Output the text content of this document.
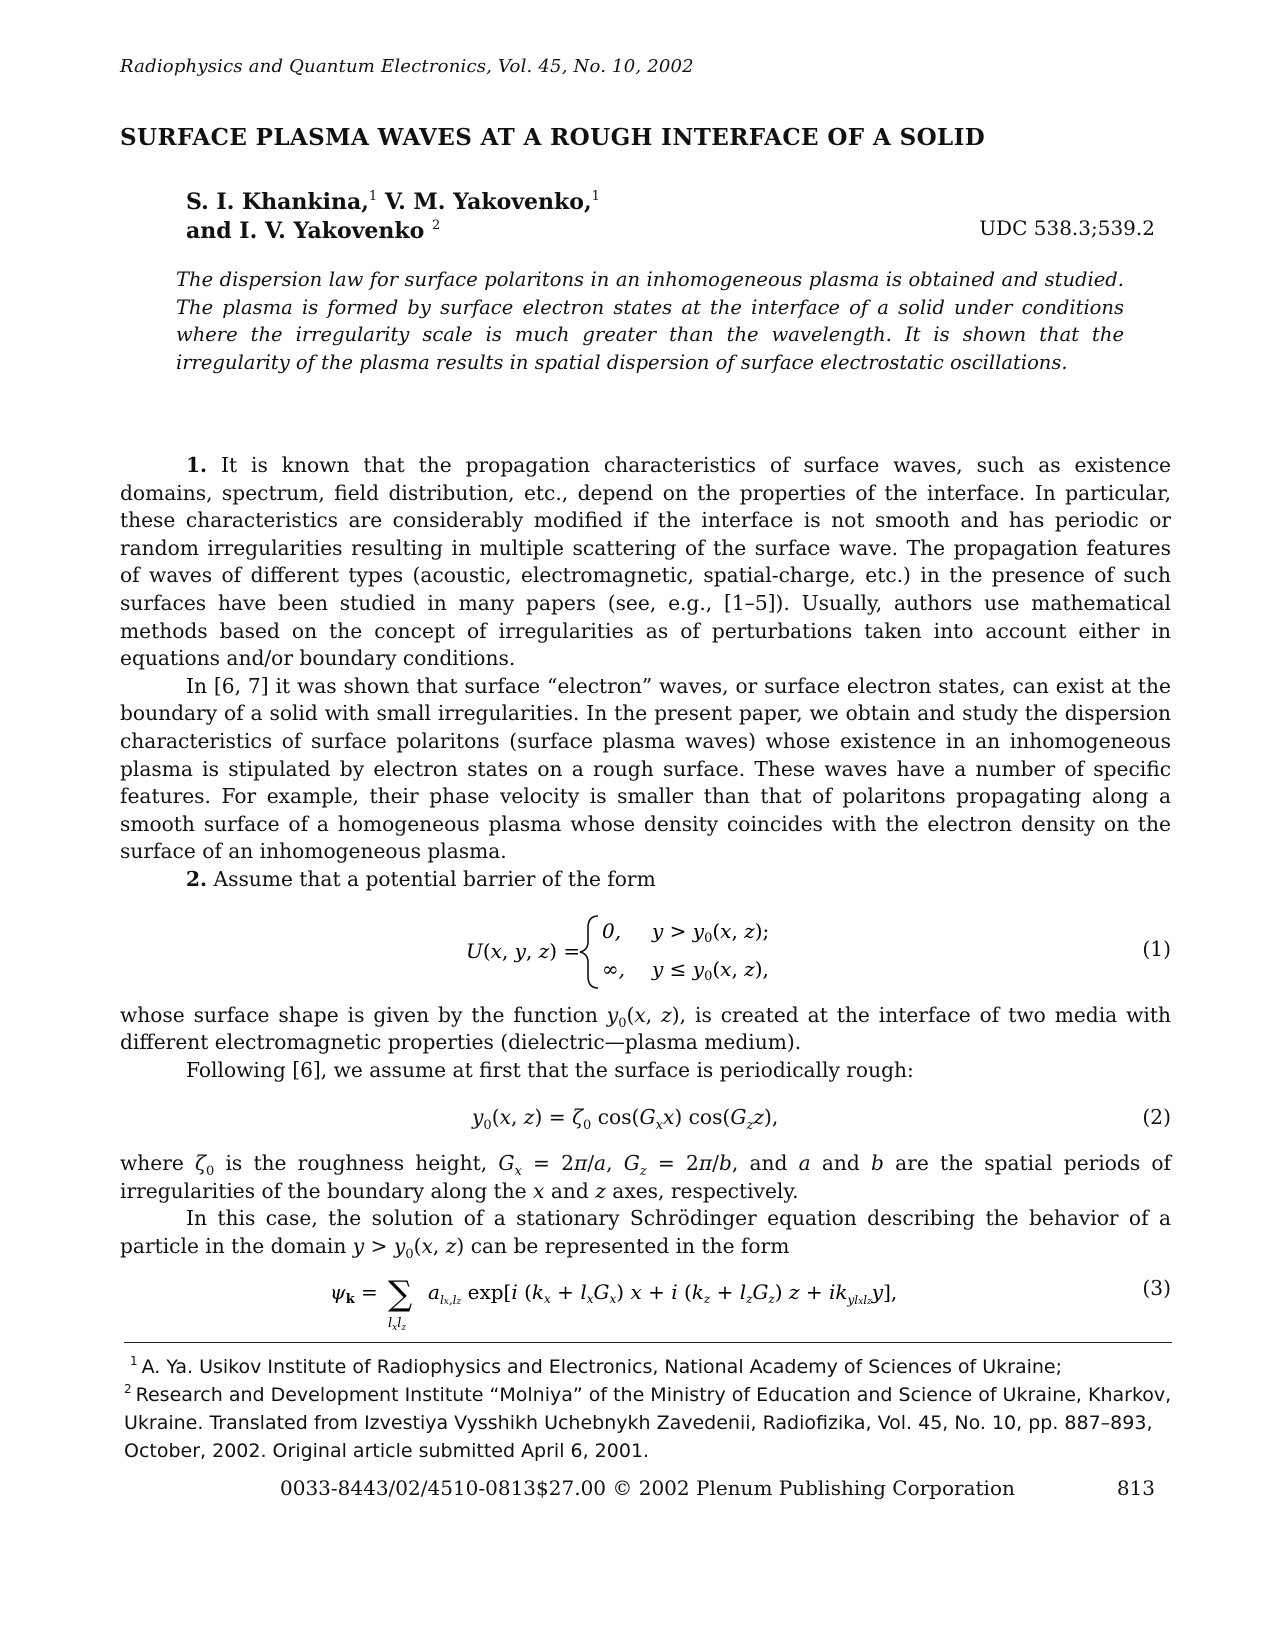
Radiophysics and Quantum Electronics, Vol. 45, No. 10, 2002
SURFACE PLASMA WAVES AT A ROUGH INTERFACE OF A SOLID
S. I. Khankina,$^1$ V. M. Yakovenko,$^1$
and I. V. Yakovenko $^2$	UDC 538.3;539.2
The dispersion law for surface polaritons in an inhomogeneous plasma is obtained and studied. The plasma is formed by surface electron states at the interface of a solid under conditions where the irregularity scale is much greater than the wavelength. It is shown that the irregularity of the plasma results in spatial dispersion of surface electrostatic oscillations.

1. It is known that the propagation characteristics of surface waves, such as existence domains, spectrum, field distribution, etc., depend on the properties of the interface. In particular, these characteristics are considerably modified if the interface is not smooth and has periodic or random irregularities resulting in multiple scattering of the surface wave. The propagation features of waves of different types (acoustic, electromagnetic, spatial-charge, etc.) in the presence of such surfaces have been studied in many papers (see, e.g., [1–5]). Usually, authors use mathematical methods based on the concept of irregularities as of perturbations taken into account either in equations and/or boundary conditions.

In [6, 7] it was shown that surface “electron” waves, or surface electron states, can exist at the boundary of a solid with small irregularities. In the present paper, we obtain and study the dispersion characteristics of surface polaritons (surface plasma waves) whose existence in an inhomogeneous plasma is stipulated by electron states on a rough surface. These waves have a number of specific features. For example, their phase velocity is smaller than that of polaritons propagating along a smooth surface of a homogeneous plasma whose density coincides with the electron density on the surface of an inhomogeneous plasma.

2. Assume that a potential barrier of the form

U(x, y, z) =
0, $y > y_0(x$, z);
∞, $y \le y_0(x$, z),
(1)

whose surface shape is given by the function $y_0(x$, z), is created at the interface of two media with different electromagnetic properties (dielectric—plasma medium).

Following [6], we assume at first that the surface is periodically rough:

$y_0(x$, $z) = \zeta_0$ $\cos(G_xx)$ $\cos(G_zz)$,	(2)

where $\zeta_0$ is the roughness height, $G_x = 2\pi/a$, $G_z = 2\pi/b$, and a and b are the spatial periods of irregularities of the boundary along the x and z axes, respectively.

In this case, the solution of a stationary Schrödinger equation describing the behavior of a particle in the domain $y > y_0(x$, z) can be represented in the form

$\psi_k$ = ∑
$l_xl_z$
$a_{lx,lz}$ exp[i $(k_x + l_xG_x) x + i$ $(k_z + l_zG_z) z + ik_{ylxlz}y$],	(3)
$^1$ A. Ya. Usikov Institute of Radiophysics and Electronics, National Academy of Sciences of Ukraine;
$^2$ Research and Development Institute “Molniya” of the Ministry of Education and Science of Ukraine, Kharkov, Ukraine. Translated from Izvestiya Vysshikh Uchebnykh Zavedenii, Radiofizika, Vol. 45, No. 10, pp. 887–893, October, 2002. Original article submitted April 6, 2001.
0033-8443/02/4510-0813$27.00 © 2002 Plenum Publishing Corporation	813
